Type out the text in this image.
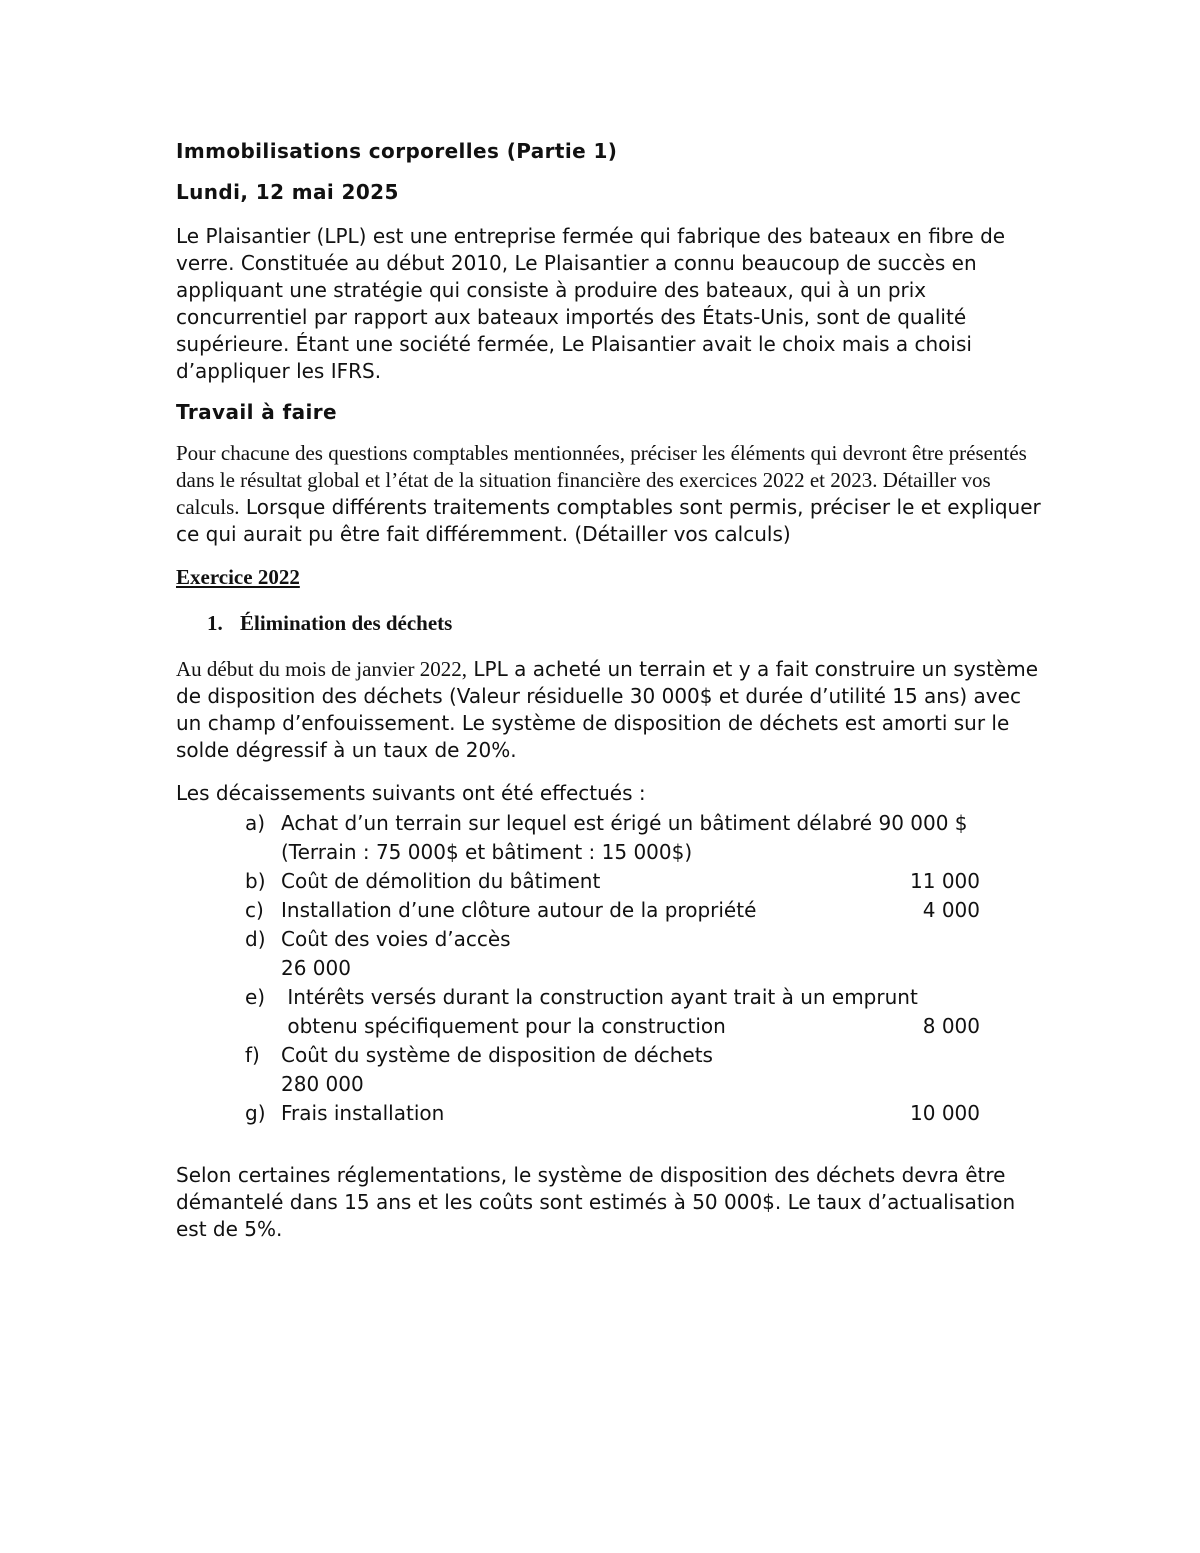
Immobilisations corporelles (Partie 1)
Lundi, 12 mai 2025

Le Plaisantier (LPL) est une entreprise fermée qui fabrique des bateaux en fibre de verre. Constituée au début 2010, Le Plaisantier a connu beaucoup de succès en appliquant une stratégie qui consiste à produire des bateaux, qui à un prix concurrentiel par rapport aux bateaux importés des États-Unis, sont de qualité supérieure. Étant une société fermée, Le Plaisantier avait le choix mais a choisi d’appliquer les IFRS.

Travail à faire

Pour chacune des questions comptables mentionnées, préciser les éléments qui devront être présentés dans le résultat global et l’état de la situation financière des exercices 2022 et 2023. Détailler vos calculs. Lorsque différents traitements comptables sont permis, préciser le et expliquer ce qui aurait pu être fait différemment. (Détailler vos calculs)

Exercice 2022
1. Élimination des déchets

Au début du mois de janvier 2022, LPL a acheté un terrain et y a fait construire un système de disposition des déchets (Valeur résiduelle 30 000$ et durée d’utilité 15 ans) avec un champ d’enfouissement. Le système de disposition de déchets est amorti sur le solde dégressif à un taux de 20%.

Les décaissements suivants ont été effectués :

a) Achat d’un terrain sur lequel est érigé un bâtiment délabré 90 000 $
(Terrain : 75 000$ et bâtiment : 15 000$)
b) Coût de démolition du bâtiment	11 000
c) Installation d’une clôture autour de la propriété	4 000
d) Coût des voies d’accès
26 000
e) Intérêts versés durant la construction ayant trait à un emprunt
obtenu spécifiquement pour la construction	8 000
f) Coût du système de disposition de déchets
280 000
g) Frais installation	10 000

Selon certaines réglementations, le système de disposition des déchets devra être démantelé dans 15 ans et les coûts sont estimés à 50 000$. Le taux d’actualisation est de 5%.
